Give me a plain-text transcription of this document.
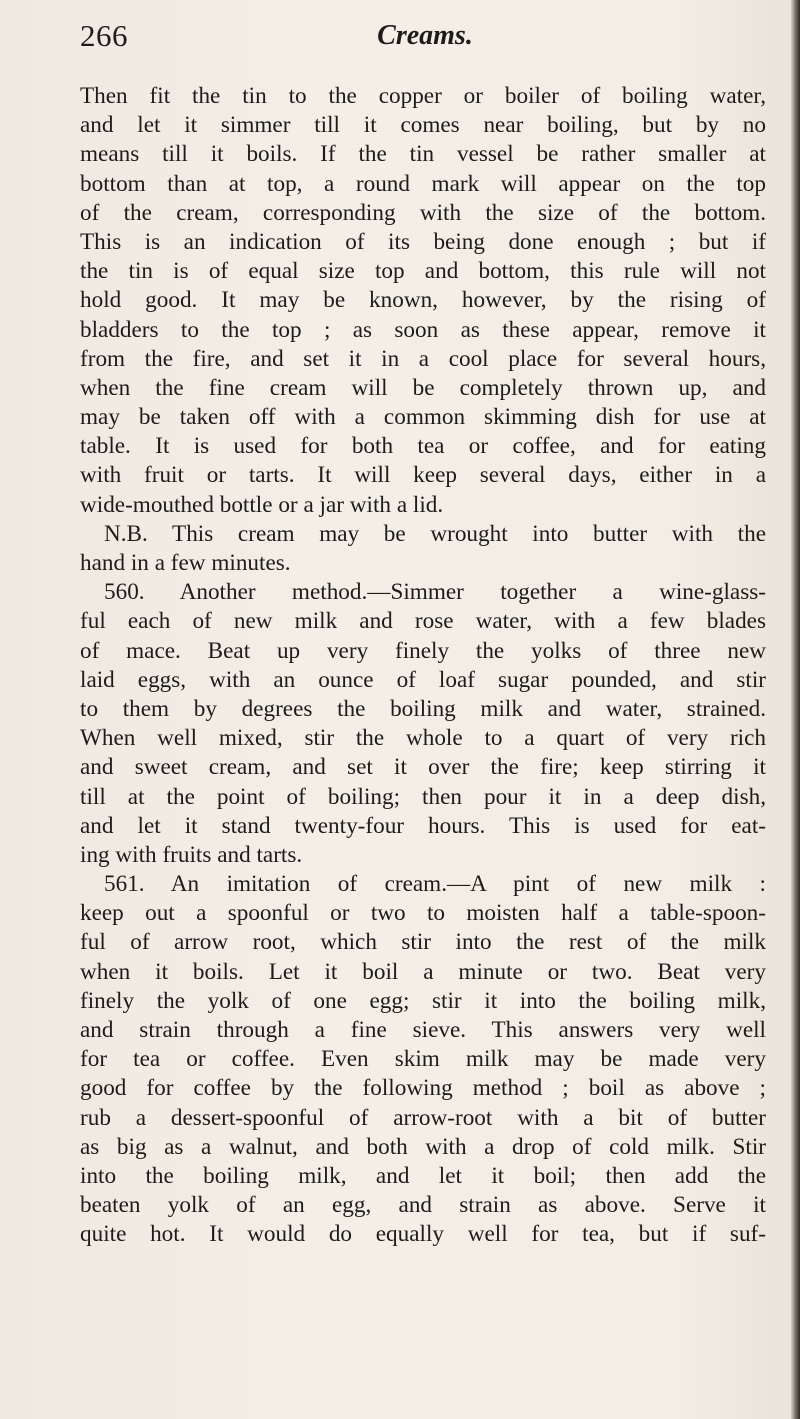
266	Creams.
Then fit the tin to the copper or boiler of boiling water,
and let it simmer till it comes near boiling, but by no
means till it boils. If the tin vessel be rather smaller at
bottom than at top, a round mark will appear on the top
of the cream, corresponding with the size of the bottom.
This is an indication of its being done enough ; but if
the tin is of equal size top and bottom, this rule will not
hold good. It may be known, however, by the rising of
bladders to the top ; as soon as these appear, remove it
from the fire, and set it in a cool place for several hours,
when the fine cream will be completely thrown up, and
may be taken off with a common skimming dish for use at
table. It is used for both tea or coffee, and for eating
with fruit or tarts. It will keep several days, either in a
wide-mouthed bottle or a jar with a lid.
N.B. This cream may be wrought into butter with the
hand in a few minutes.
560. Another method.—Simmer together a wine-glass-
ful each of new milk and rose water, with a few blades
of mace. Beat up very finely the yolks of three new
laid eggs, with an ounce of loaf sugar pounded, and stir
to them by degrees the boiling milk and water, strained.
When well mixed, stir the whole to a quart of very rich
and sweet cream, and set it over the fire; keep stirring it
till at the point of boiling; then pour it in a deep dish,
and let it stand twenty-four hours. This is used for eat-
ing with fruits and tarts.
561. An imitation of cream.—A pint of new milk :
keep out a spoonful or two to moisten half a table-spoon-
ful of arrow root, which stir into the rest of the milk
when it boils. Let it boil a minute or two. Beat very
finely the yolk of one egg; stir it into the boiling milk,
and strain through a fine sieve. This answers very well
for tea or coffee. Even skim milk may be made very
good for coffee by the following method ; boil as above ;
rub a dessert-spoonful of arrow-root with a bit of butter
as big as a walnut, and both with a drop of cold milk. Stir
into the boiling milk, and let it boil; then add the
beaten yolk of an egg, and strain as above. Serve it
quite hot. It would do equally well for tea, but if suf-
